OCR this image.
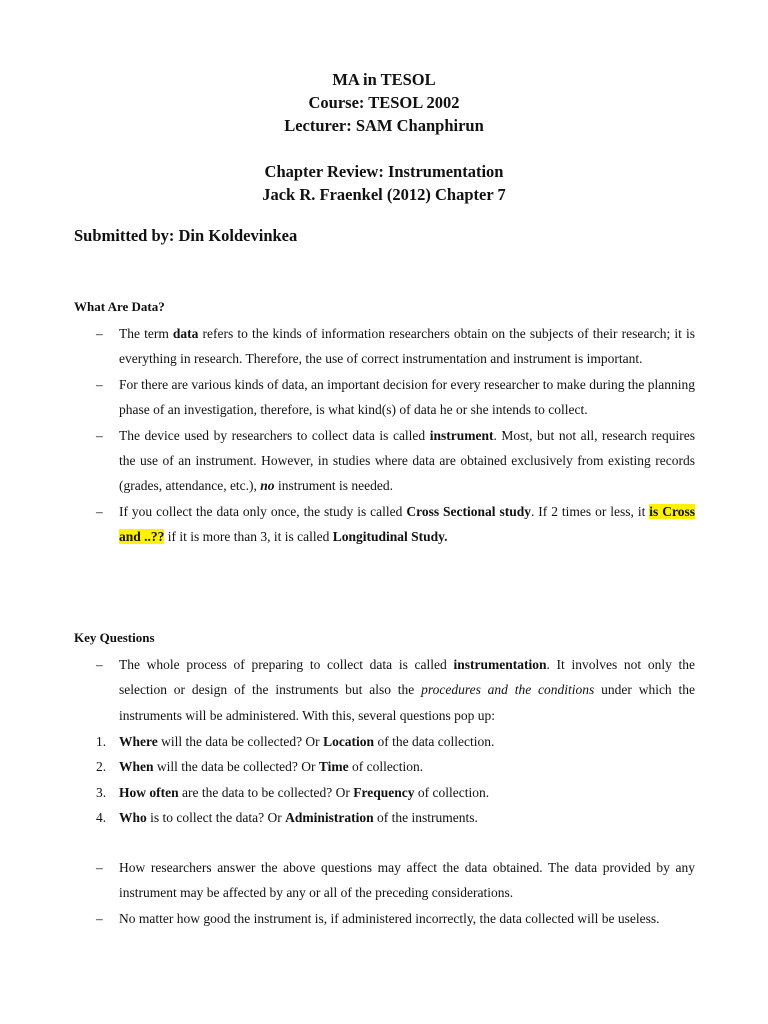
MA in TESOL
Course: TESOL 2002
Lecturer: SAM Chanphirun
Chapter Review: Instrumentation
Jack R. Fraenkel (2012) Chapter 7
Submitted by: Din Koldevinkea
What Are Data?
– The term data refers to the kinds of information researchers obtain on the subjects of their research; it is everything in research. Therefore, the use of correct instrumentation and instrument is important.
– For there are various kinds of data, an important decision for every researcher to make during the planning phase of an investigation, therefore, is what kind(s) of data he or she intends to collect.
– The device used by researchers to collect data is called instrument. Most, but not all, research requires the use of an instrument. However, in studies where data are obtained exclusively from existing records (grades, attendance, etc.), no instrument is needed.
– If you collect the data only once, the study is called Cross Sectional study. If 2 times or less, it is Cross and ..?? if it is more than 3, it is called Longitudinal Study.
Key Questions
– The whole process of preparing to collect data is called instrumentation. It involves not only the selection or design of the instruments but also the procedures and the conditions under which the instruments will be administered. With this, several questions pop up:
1. Where will the data be collected? Or Location of the data collection.
2. When will the data be collected? Or Time of collection.
3. How often are the data to be collected? Or Frequency of collection.
4. Who is to collect the data? Or Administration of the instruments.
– How researchers answer the above questions may affect the data obtained. The data provided by any instrument may be affected by any or all of the preceding considerations.
– No matter how good the instrument is, if administered incorrectly, the data collected will be useless.
